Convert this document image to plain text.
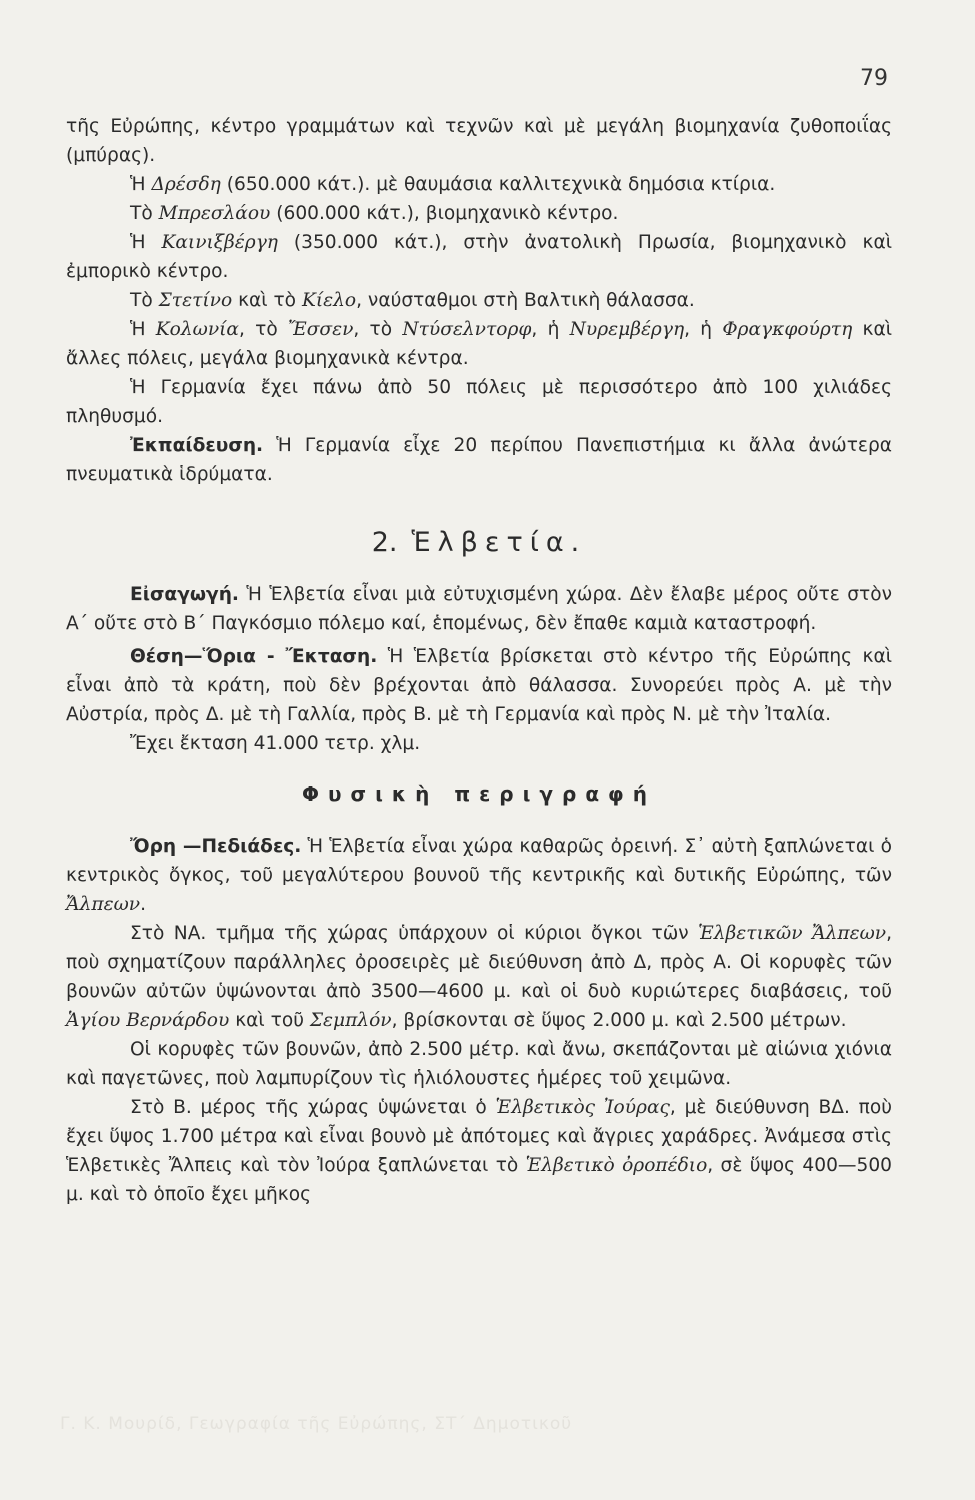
79

τῆς Εὐρώπης, κέντρο γραμμάτων καὶ τεχνῶν καὶ μὲ μεγάλη βιομηχανία ζυθοποιΐας (μπύρας).

Ἡ Δρέσδη (650.000 κάτ.). μὲ θαυμάσια καλλιτεχνικὰ δημόσια κτίρια.

Τὸ Μπρεσλάου (600.000 κάτ.), βιομηχανικὸ κέντρο.

Ἡ Καινιξβέργη (350.000 κάτ.), στὴν ἀνατολικὴ Πρωσία, βιομηχανικὸ καὶ ἐμπορικὸ κέντρο.

Τὸ Στετίνο καὶ τὸ Κίελο, ναύσταθμοι στὴ Βαλτικὴ θάλασσα.

Ἡ Κολωνία, τὸ Ἔσσεν, τὸ Ντύσελντορφ, ἡ Νυρεμβέργη, ἡ Φραγκφούρτη καὶ ἄλλες πόλεις, μεγάλα βιομηχανικὰ κέντρα.

Ἡ Γερμανία ἔχει πάνω ἀπὸ 50 πόλεις μὲ περισσότερο ἀπὸ 100 χιλιάδες πληθυσμό.

Ἐκπαίδευση. Ἡ Γερμανία εἶχε 20 περίπου Πανεπιστήμια κι ἄλλα ἀνώτερα πνευματικὰ ἱδρύματα.

2. Ἑλβετία.

Εἰσαγωγή. Ἡ Ἑλβετία εἶναι μιὰ εὐτυχισμένη χώρα. Δὲν ἔλαβε μέρος οὔτε στὸν Α΄ οὔτε στὸ Β΄ Παγκόσμιο πόλεμο καί, ἑπομένως, δὲν ἔπαθε καμιὰ καταστροφή.

Θέση—Ὅρια - Ἔκταση. Ἡ Ἑλβετία βρίσκεται στὸ κέντρο τῆς Εὐρώπης καὶ εἶναι ἀπὸ τὰ κράτη, ποὺ δὲν βρέχονται ἀπὸ θάλασσα. Συνορεύει πρὸς Α. μὲ τὴν Αὐστρία, πρὸς Δ. μὲ τὴ Γαλλία, πρὸς Β. μὲ τὴ Γερμανία καὶ πρὸς Ν. μὲ τὴν Ἰταλία.

Ἔχει ἔκταση 41.000 τετρ. χλμ.

Φυσικὴ περιγραφή

Ὄρη —Πεδιάδες. Ἡ Ἑλβετία εἶναι χώρα καθαρῶς ὀρεινή. Σ᾽ αὐτὴ ξαπλώνεται ὁ κεντρικὸς ὄγκος, τοῦ μεγαλύτερου βουνοῦ τῆς κεντρικῆς καὶ δυτικῆς Εὐρώπης, τῶν Ἄλπεων.

Στὸ ΝΑ. τμῆμα τῆς χώρας ὑπάρχουν οἱ κύριοι ὄγκοι τῶν Ἑλβετικῶν Ἄλπεων, ποὺ σχηματίζουν παράλληλες ὀροσειρὲς μὲ διεύθυνση ἀπὸ Δ, πρὸς Α. Οἱ κορυφὲς τῶν βουνῶν αὐτῶν ὑψώνονται ἀπὸ 3500—4600 μ. καὶ οἱ δυὸ κυριώτερες διαβάσεις, τοῦ Ἁγίου Βερνάρδου καὶ τοῦ Σεμπλόν, βρίσκονται σὲ ὕψος 2.000 μ. καὶ 2.500 μέτρων.

Οἱ κορυφὲς τῶν βουνῶν, ἀπὸ 2.500 μέτρ. καὶ ἄνω, σκεπάζονται μὲ αἰώνια χιόνια καὶ παγετῶνες, ποὺ λαμπυρίζουν τὶς ἡλιόλουστες ἡμέρες τοῦ χειμῶνα.

Στὸ Β. μέρος τῆς χώρας ὑψώνεται ὁ Ἑλβετικὸς Ἰούρας, μὲ διεύθυνση ΒΔ. ποὺ ἔχει ὕψος 1.700 μέτρα καὶ εἶναι βουνὸ μὲ ἀπότομες καὶ ἄγριες χαράδρες. Ἀνάμεσα στὶς Ἑλβετικὲς Ἄλπεις καὶ τὸν Ἰούρα ξαπλώνεται τὸ Ἑλβετικὸ ὀροπέδιο, σὲ ὕψος 400—500 μ. καὶ τὸ ὁποῖο ἔχει μῆκος

Γ. Κ. Μουρίδ, Γεωγραφία τῆς Εὐρώπης, ΣΤ΄ Δημοτικοῦ
